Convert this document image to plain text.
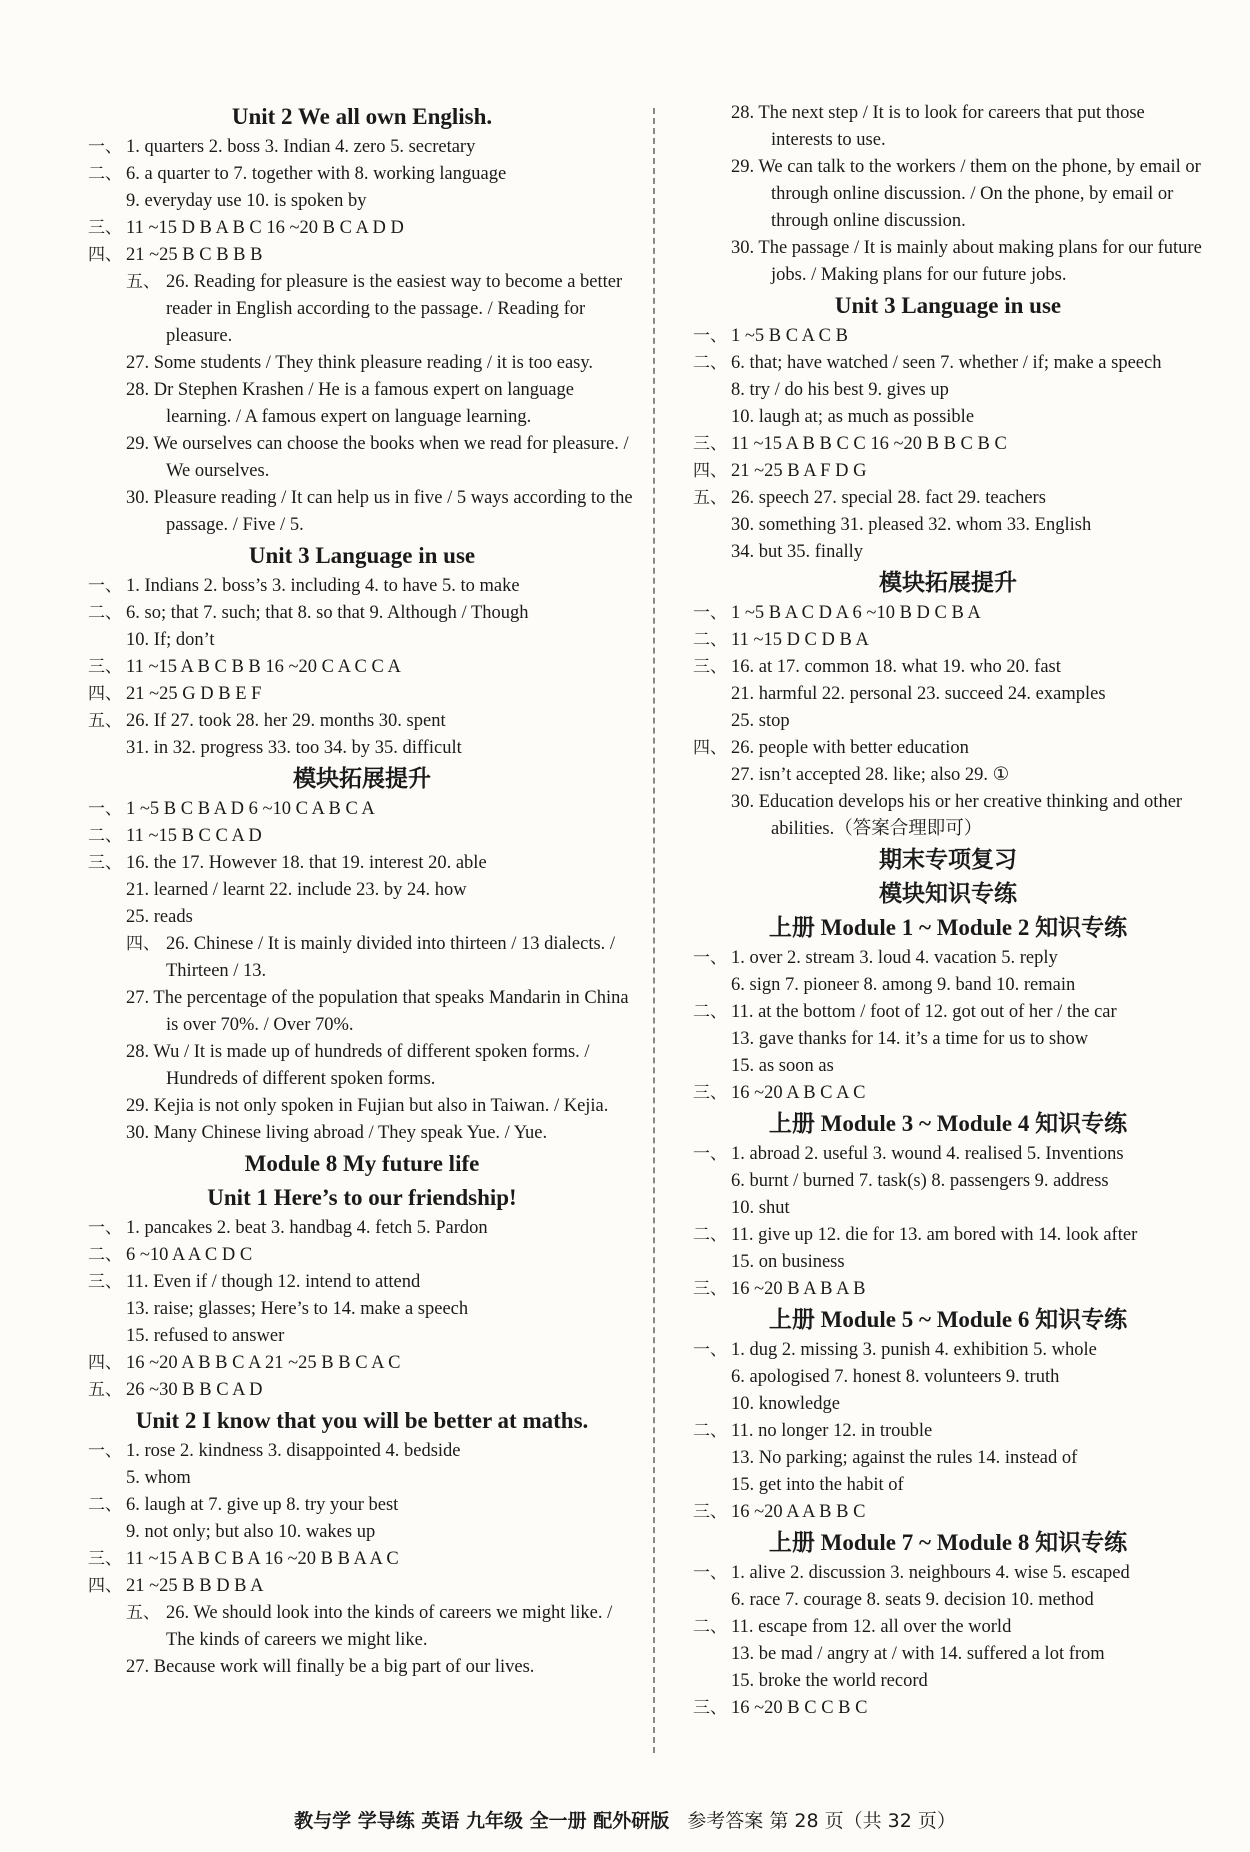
Unit 2 We all own English.
一、 1. quarters 2. boss 3. Indian 4. zero 5. secretary
二、 6. a quarter to 7. together with 8. working language
9. everyday use 10. is spoken by
三、 11 ~15 D B A B C 16 ~20 B C A D D
四、 21 ~25 B C B B B
五、 26. Reading for pleasure is the easiest way to become a better reader in English according to the passage. / Reading for pleasure.
27. Some students / They think pleasure reading / it is too easy.
28. Dr Stephen Krashen / He is a famous expert on language learning. / A famous expert on language learning.
29. We ourselves can choose the books when we read for pleasure. / We ourselves.
30. Pleasure reading / It can help us in five / 5 ways according to the passage. / Five / 5.
Unit 3 Language in use
一、 1. Indians 2. boss’s 3. including 4. to have 5. to make
二、 6. so; that 7. such; that 8. so that 9. Although / Though
10. If; don’t
三、 11 ~15 A B C B B 16 ~20 C A C C A
四、 21 ~25 G D B E F
五、 26. If 27. took 28. her 29. months 30. spent
31. in 32. progress 33. too 34. by 35. difficult
模块拓展提升
一、 1 ~5 B C B A D 6 ~10 C A B C A
二、 11 ~15 B C C A D
三、 16. the 17. However 18. that 19. interest 20. able
21. learned / learnt 22. include 23. by 24. how
25. reads
四、 26. Chinese / It is mainly divided into thirteen / 13 dialects. / Thirteen / 13.
27. The percentage of the population that speaks Mandarin in China is over 70%. / Over 70%.
28. Wu / It is made up of hundreds of different spoken forms. / Hundreds of different spoken forms.
29. Kejia is not only spoken in Fujian but also in Taiwan. / Kejia.
30. Many Chinese living abroad / They speak Yue. / Yue.
Module 8 My future life
Unit 1 Here’s to our friendship!
一、 1. pancakes 2. beat 3. handbag 4. fetch 5. Pardon
二、 6 ~10 A A C D C
三、 11. Even if / though 12. intend to attend
13. raise; glasses; Here’s to 14. make a speech
15. refused to answer
四、 16 ~20 A B B C A 21 ~25 B B C A C
五、 26 ~30 B B C A D
Unit 2 I know that you will be better at maths.
一、 1. rose 2. kindness 3. disappointed 4. bedside
5. whom
二、 6. laugh at 7. give up 8. try your best
9. not only; but also 10. wakes up
三、 11 ~15 A B C B A 16 ~20 B B A A C
四、 21 ~25 B B D B A
五、 26. We should look into the kinds of careers we might like. / The kinds of careers we might like.
27. Because work will finally be a big part of our lives.
28. The next step / It is to look for careers that put those interests to use.
29. We can talk to the workers / them on the phone, by email or through online discussion. / On the phone, by email or through online discussion.
30. The passage / It is mainly about making plans for our future jobs. / Making plans for our future jobs.
Unit 3 Language in use
一、 1 ~5 B C A C B
二、 6. that; have watched / seen 7. whether / if; make a speech
8. try / do his best 9. gives up
10. laugh at; as much as possible
三、 11 ~15 A B B C C 16 ~20 B B C B C
四、 21 ~25 B A F D G
五、 26. speech 27. special 28. fact 29. teachers
30. something 31. pleased 32. whom 33. English
34. but 35. finally
模块拓展提升
一、 1 ~5 B A C D A 6 ~10 B D C B A
二、 11 ~15 D C D B A
三、 16. at 17. common 18. what 19. who 20. fast
21. harmful 22. personal 23. succeed 24. examples
25. stop
四、 26. people with better education
27. isn’t accepted 28. like; also 29. ①
30. Education develops his or her creative thinking and other abilities.（答案合理即可）
期末专项复习
模块知识专练
上册 Module 1 ~ Module 2 知识专练
一、 1. over 2. stream 3. loud 4. vacation 5. reply
6. sign 7. pioneer 8. among 9. band 10. remain
二、 11. at the bottom / foot of 12. got out of her / the car
13. gave thanks for 14. it’s a time for us to show
15. as soon as
三、 16 ~20 A B C A C
上册 Module 3 ~ Module 4 知识专练
一、 1. abroad 2. useful 3. wound 4. realised 5. Inventions
6. burnt / burned 7. task(s) 8. passengers 9. address
10. shut
二、 11. give up 12. die for 13. am bored with 14. look after
15. on business
三、 16 ~20 B A B A B
上册 Module 5 ~ Module 6 知识专练
一、 1. dug 2. missing 3. punish 4. exhibition 5. whole
6. apologised 7. honest 8. volunteers 9. truth
10. knowledge
二、 11. no longer 12. in trouble
13. No parking; against the rules 14. instead of
15. get into the habit of
三、 16 ~20 A A B B C
上册 Module 7 ~ Module 8 知识专练
一、 1. alive 2. discussion 3. neighbours 4. wise 5. escaped
6. race 7. courage 8. seats 9. decision 10. method
二、 11. escape from 12. all over the world
13. be mad / angry at / with 14. suffered a lot from
15. broke the world record
三、 16 ~20 B C C B C
教与学 学导练 英语 九年级 全一册 配外研版 参考答案 第 28 页（共 32 页）
